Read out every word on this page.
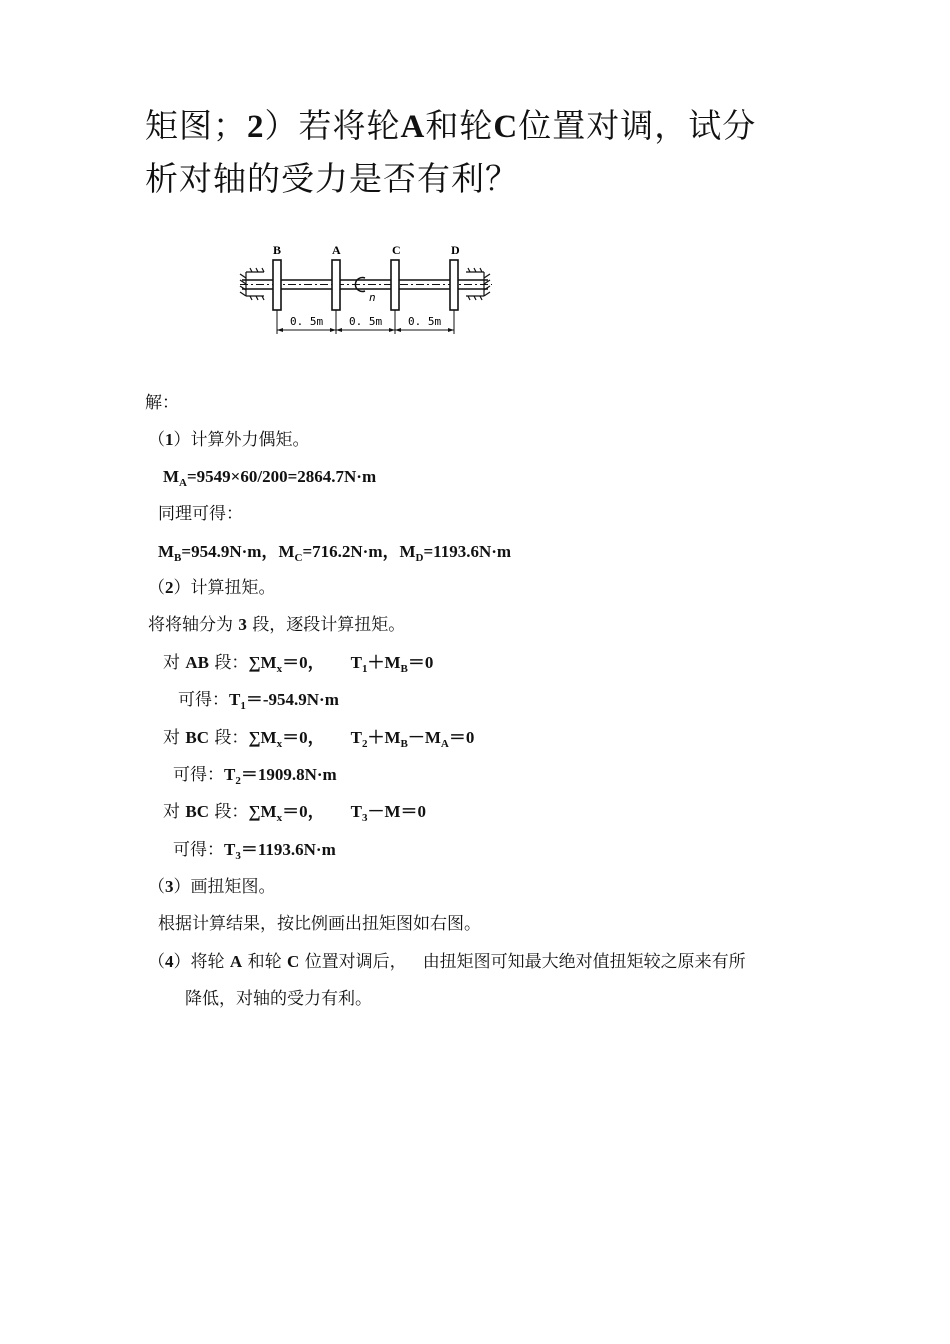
矩图；2）若将轮A和轮C位置对调，试分
析对轴的受力是否有利？
n
B	A	C	D
0. 5m 0. 5m 0. 5m
解：
（1）计算外力偶矩。
$M_A=9549\times 60/200=2864.7N\cdot m$
同理可得：
$M_B=954.9N\cdot m$，$M_C=716.2N\cdot m$，$M_D=1193.6N\cdot m$
（2）计算扭矩。
将将轴分为 3 段，逐段计算扭矩。
对 AB 段：$\sum M_x=0$， $T_1+M_B=0$
可得：$T_1=-954.9N\cdot m$
对 BC 段：$\sum M_x=0$， $T_2+M_B-M_A=0$
可得：$T_2=1909.8N\cdot m$
对 BC 段：$\sum M_x=0$， $T_3-M=0$
可得：$T_3=1193.6N\cdot m$
（3）画扭矩图。
根据计算结果，按比例画出扭矩图如右图。
（4）将轮 A 和轮 C 位置对调后， 由扭矩图可知最大绝对值扭矩较之原来有所
降低，对轴的受力有利。
